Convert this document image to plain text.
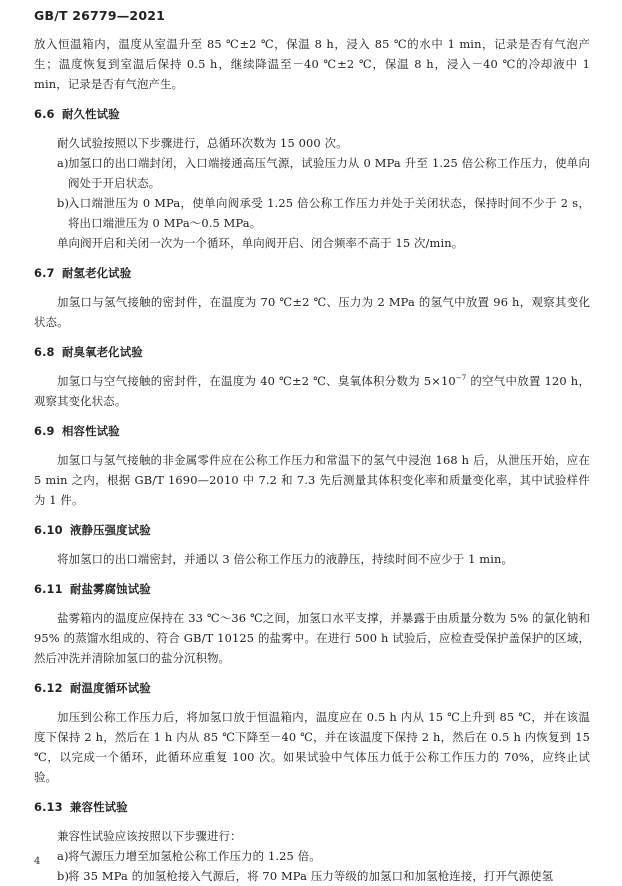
GB/T 26779—2021

放入恒温箱内，温度从室温升至 85 ℃±2 ℃，保温 8 h，浸入 85 ℃的水中 1 min，记录是否有气泡产生；温度恢复到室温后保持 0.5 h，继续降温至－40 ℃±2 ℃，保温 8 h，浸入－40 ℃的冷却液中 1 min，记录是否有气泡产生。

6.6 耐久性试验

耐久试验按照以下步骤进行，总循环次数为 15 000 次。

a) 加氢口的出口端封闭，入口端接通高压气源，试验压力从 0 MPa 升至 1.25 倍公称工作压力，使单向阀处于开启状态。

b)
入口端泄压为 0 MPa，使单向阀承受 1.25 倍公称工作压力并处于关闭状态，保持时间不少于 2 s，将出口端泄压为 0 MPa～0.5 MPa。

单向阀开启和关闭一次为一个循环，单向阀开启、闭合频率不高于 15 次/min。

6.7 耐氢老化试验

加氢口与氢气接触的密封件，在温度为 70 ℃±2 ℃、压力为 2 MPa 的氢气中放置 96 h，观察其变化状态。

6.8 耐臭氧老化试验

加氢口与空气接触的密封件，在温度为 40 ℃±2 ℃、臭氧体积分数为 $5\times 10^{-7}$ 的空气中放置 120 h，观察其变化状态。

6.9 相容性试验

加氢口与氢气接触的非金属零件应在公称工作压力和常温下的氢气中浸泡 168 h 后，从泄压开始，应在 5 min 之内，根据 GB/T 1690—2010 中 7.2 和 7.3 先后测量其体积变化率和质量变化率，其中试验样件为 1 件。

6.10 液静压强度试验

将加氢口的出口端密封，并通以 3 倍公称工作压力的液静压，持续时间不应少于 1 min。

6.11 耐盐雾腐蚀试验

盐雾箱内的温度应保持在 33 ℃～36 ℃之间，加氢口水平支撑，并暴露于由质量分数为 5% 的氯化钠和 95% 的蒸馏水组成的、符合 GB/T 10125 的盐雾中。在进行 500 h 试验后，应检查受保护盖保护的区域，然后冲洗并清除加氢口的盐分沉积物。

6.12 耐温度循环试验

加压到公称工作压力后，将加氢口放于恒温箱内，温度应在 0.5 h 内从 15 ℃上升到 85 ℃，并在该温度下保持 2 h，然后在 1 h 内从 85 ℃下降至－40 ℃，并在该温度下保持 2 h，然后在 0.5 h 内恢复到 15 ℃，以完成一个循环，此循环应重复 100 次。如果试验中气体压力低于公称工作压力的 70%，应终止试验。

6.13 兼容性试验

兼容性试验应该按照以下步骤进行：

a) 将气源压力增至加氢枪公称工作压力的 1.25 倍。

b)
将 35 MPa 的加氢枪接入气源后，将 70 MPa 压力等级的加氢口和加氢枪连接，打开气源使氢

4
